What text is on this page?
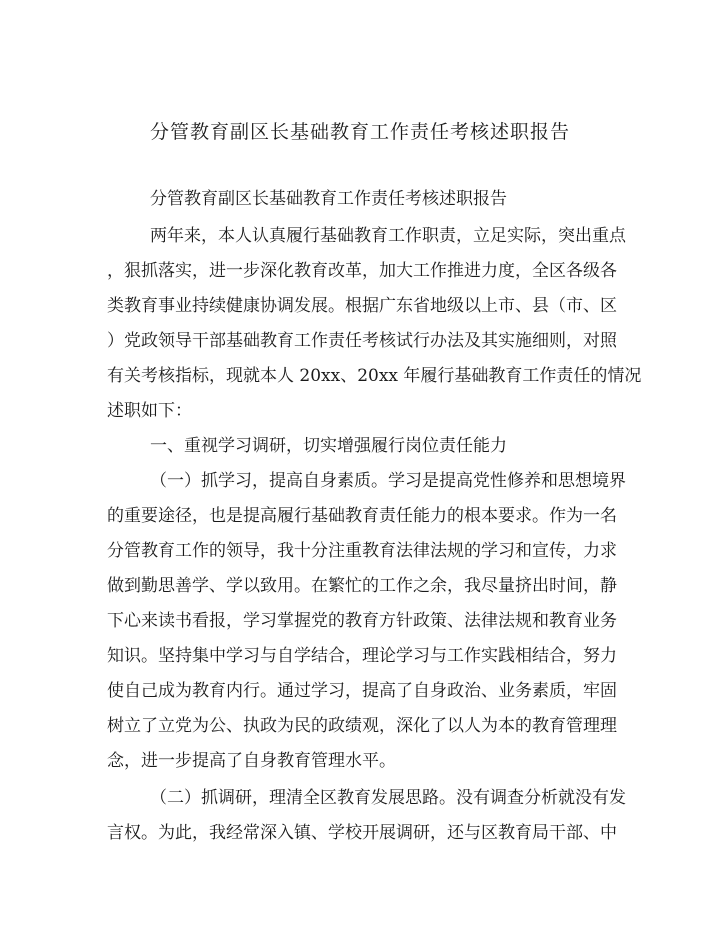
分管教育副区长基础教育工作责任考核述职报告

分管教育副区长基础教育工作责任考核述职报告

两年来，本人认真履行基础教育工作职责，立足实际，突出重点

，狠抓落实，进一步深化教育改革，加大工作推进力度，全区各级各

类教育事业持续健康协调发展。根据广东省地级以上市、县（市、区

）党政领导干部基础教育工作责任考核试行办法及其实施细则，对照

有关考核指标，现就本人 20xx、20xx 年履行基础教育工作责任的情况

述职如下：

一、重视学习调研，切实增强履行岗位责任能力

（一）抓学习，提高自身素质。学习是提高党性修养和思想境界

的重要途径，也是提高履行基础教育责任能力的根本要求。作为一名

分管教育工作的领导，我十分注重教育法律法规的学习和宣传，力求

做到勤思善学、学以致用。在繁忙的工作之余，我尽量挤出时间，静

下心来读书看报，学习掌握党的教育方针政策、法律法规和教育业务

知识。坚持集中学习与自学结合，理论学习与工作实践相结合，努力

使自己成为教育内行。通过学习，提高了自身政治、业务素质，牢固

树立了立党为公、执政为民的政绩观，深化了以人为本的教育管理理

念，进一步提高了自身教育管理水平。

（二）抓调研，理清全区教育发展思路。没有调查分析就没有发

言权。为此，我经常深入镇、学校开展调研，还与区教育局干部、中
